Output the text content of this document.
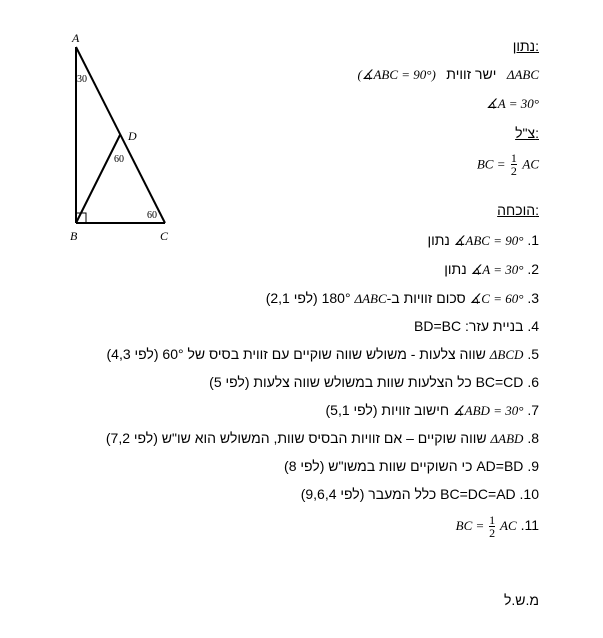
A
B	C
D
30
60
60
נתון:
(∡ABC = 90°) ישר זווית ΔABC
∡A = 30°
צ"ל:
BC = $\frac{1}{2}$ AC
הוכחה:
1. ∡ABC = 90° נתון
2. ∡A = 30° נתון
3. ∡C = 60° סכום זוויות ב-ΔABC 180° (לפי 2,1)
4. בניית עזר: BD=BC
5. ΔBCD שווה צלעות - משולש שווה שוקיים עם זווית בסיס של 60° (לפי 4,3)
6. BC=CD כל הצלעות שוות במשולש שווה צלעות (לפי 5)
7. ∡ABD = 30° חישוב זוויות (לפי 5,1)
8. ΔABD שווה שוקיים – אם זוויות הבסיס שוות, המשולש הוא שו"ש (לפי 7,2)
9. AD=BD כי השוקיים שוות במשו"ש (לפי 8)
10. BC=DC=AD כלל המעבר (לפי 9,6,4)
11. BC = $\frac{1}{2}$ AC
מ.ש.ל
